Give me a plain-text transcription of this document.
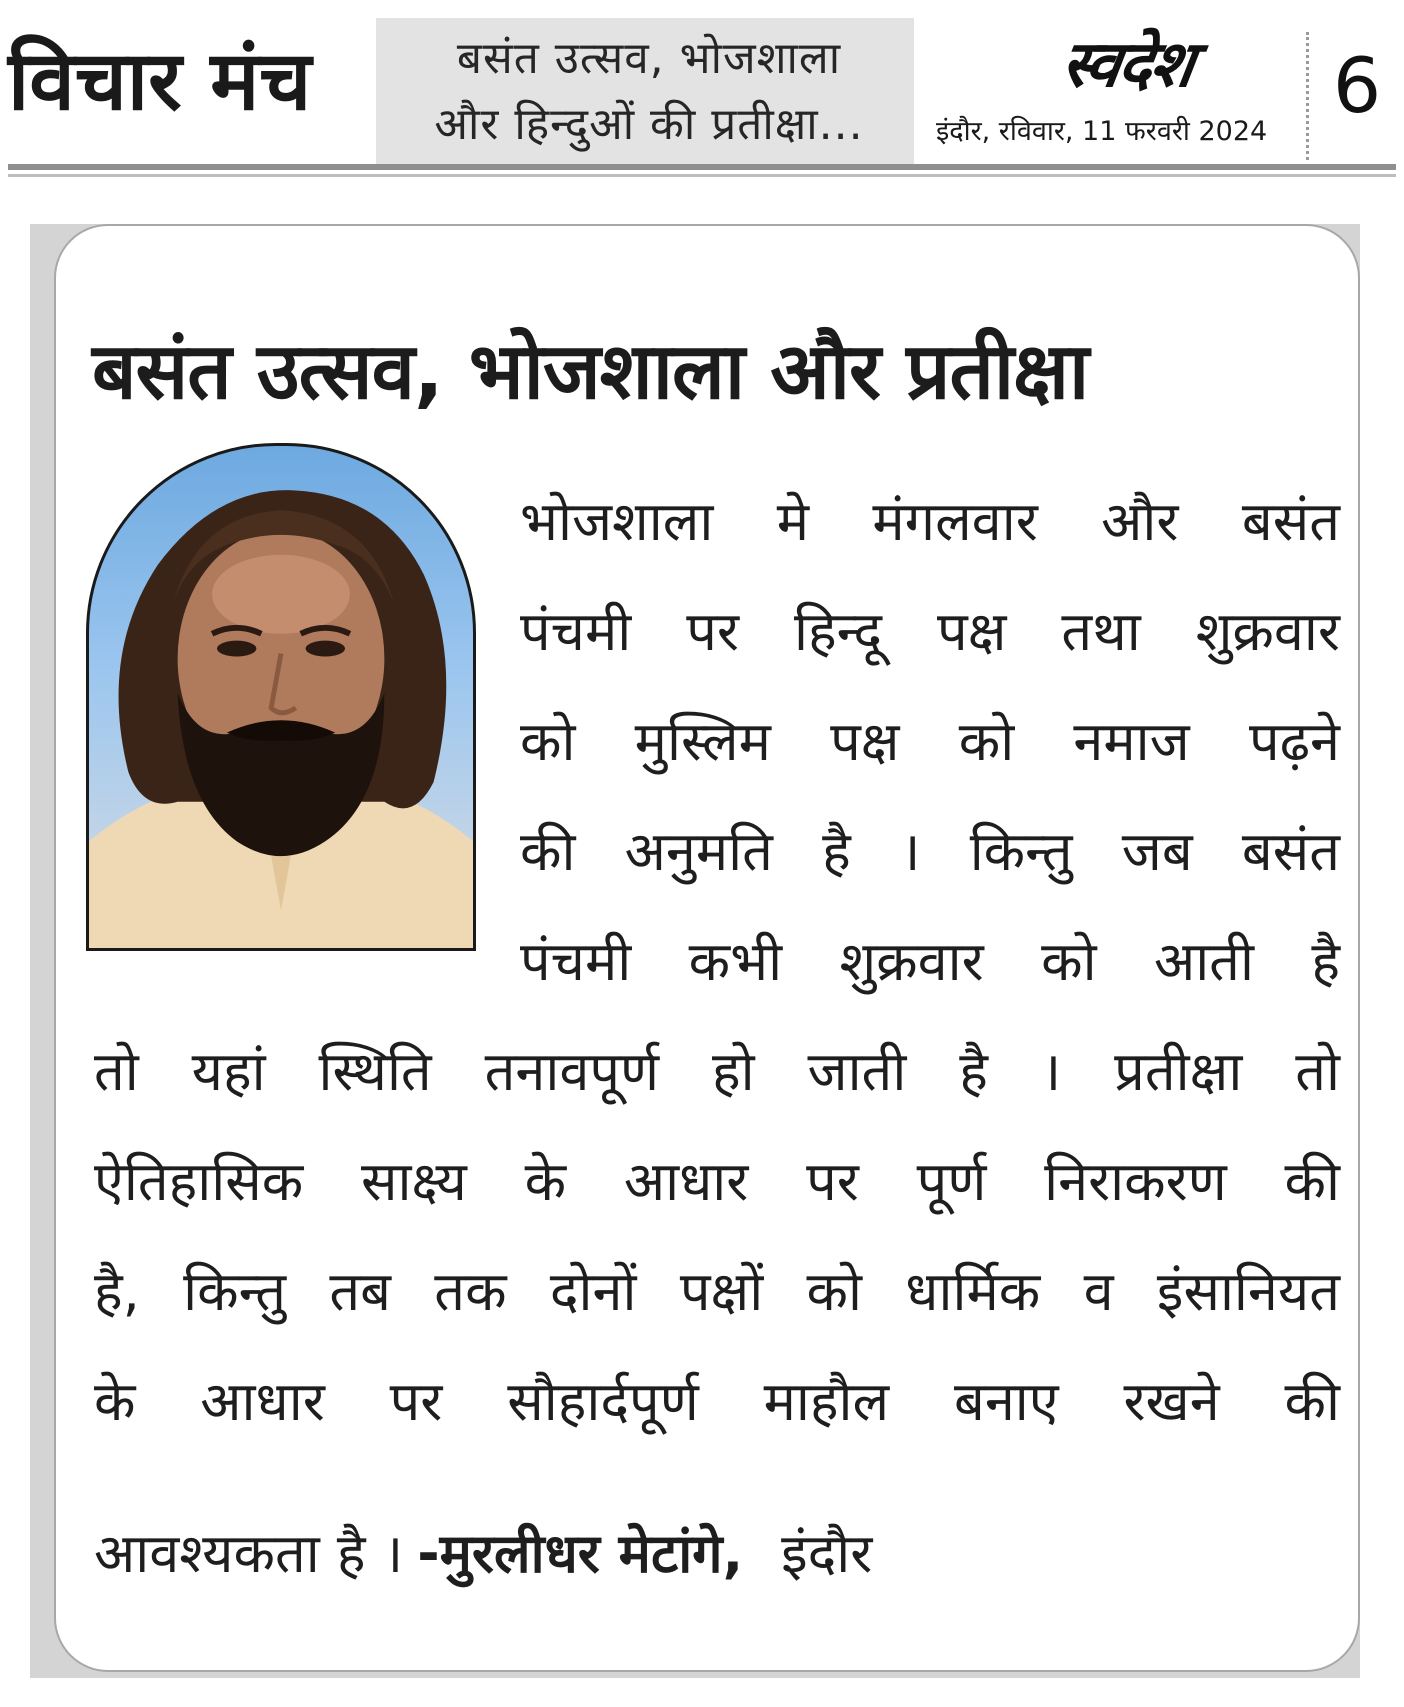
विचार मंच	बसंत उत्सव, भोजशाला
और हिन्दुओं की प्रतीक्षा...
स्वदेश
इंदौर, रविवार, 11 फरवरी 2024
6
बसंत उत्सव, भोजशाला और प्रतीक्षा
भोजशाला मे मंगलवार और बसंत
पंचमी पर हिन्दू पक्ष तथा शुक्रवार
को मुस्लिम पक्ष को नमाज पढ़ने
की अनुमति है । किन्तु जब बसंत
पंचमी कभी शुक्रवार को आती है
तो यहां स्थिति तनावपूर्ण हो जाती है । प्रतीक्षा तो
ऐतिहासिक साक्ष्य के आधार पर पूर्ण निराकरण की
है, किन्तु तब तक दोनों पक्षों को धार्मिक व इंसानियत
के आधार पर सौहार्दपूर्ण माहौल बनाए रखने की
आवश्यकता है । -मुरलीधर मेटांगे, इंदौर
